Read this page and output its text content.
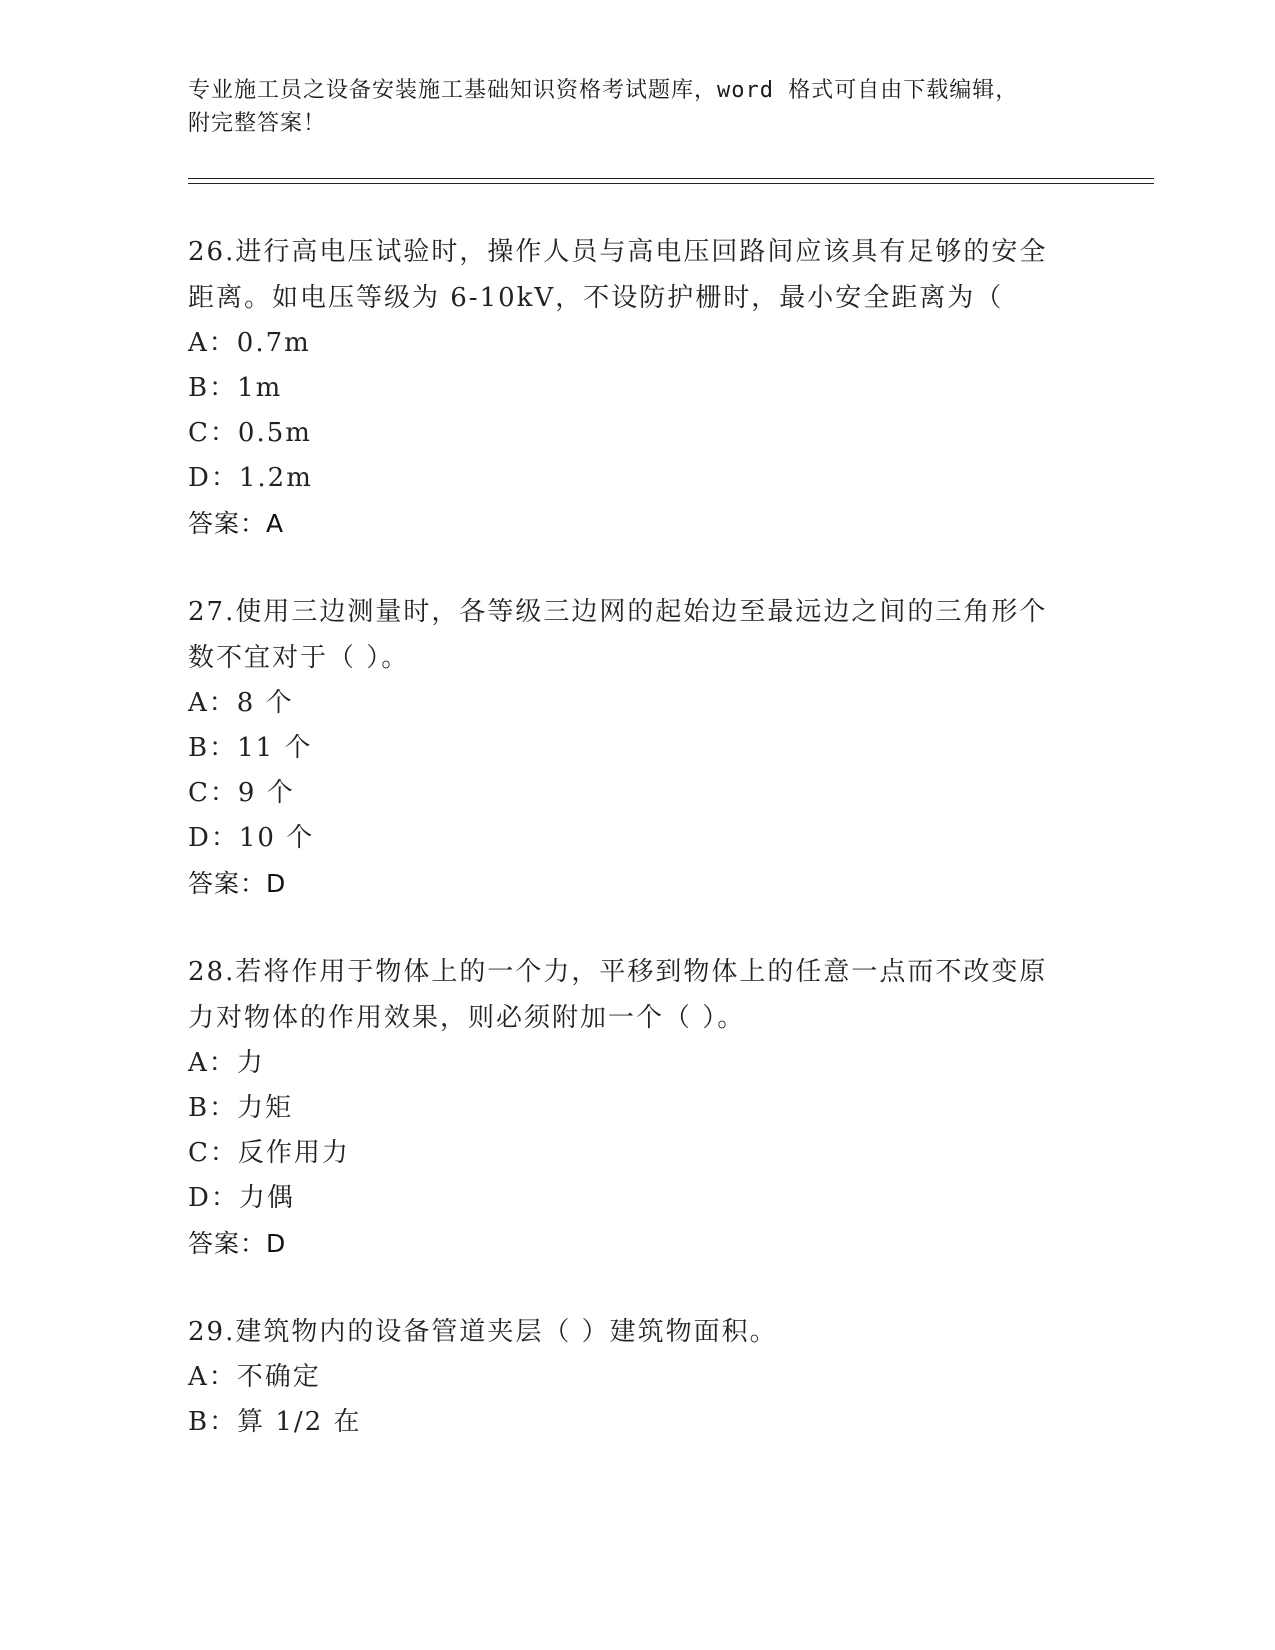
专业施工员之设备安装施工基础知识资格考试题库，word 格式可自由下载编辑，
附完整答案！

26.进行高电压试验时，操作人员与高电压回路间应该具有足够的安全

距离。如电压等级为 6-10kV，不设防护栅时，最小安全距离为（

A：0.7m

B：1m

C：0.5m

D：1.2m

答案：A

27.使用三边测量时，各等级三边网的起始边至最远边之间的三角形个

数不宜对于（ ）。

A：8 个

B：11 个

C：9 个

D：10 个

答案：D

28.若将作用于物体上的一个力，平移到物体上的任意一点而不改变原

力对物体的作用效果，则必须附加一个（ ）。

A：力

B：力矩

C：反作用力

D：力偶

答案：D

29.建筑物内的设备管道夹层（ ）建筑物面积。

A：不确定

B：算 1/2 在
